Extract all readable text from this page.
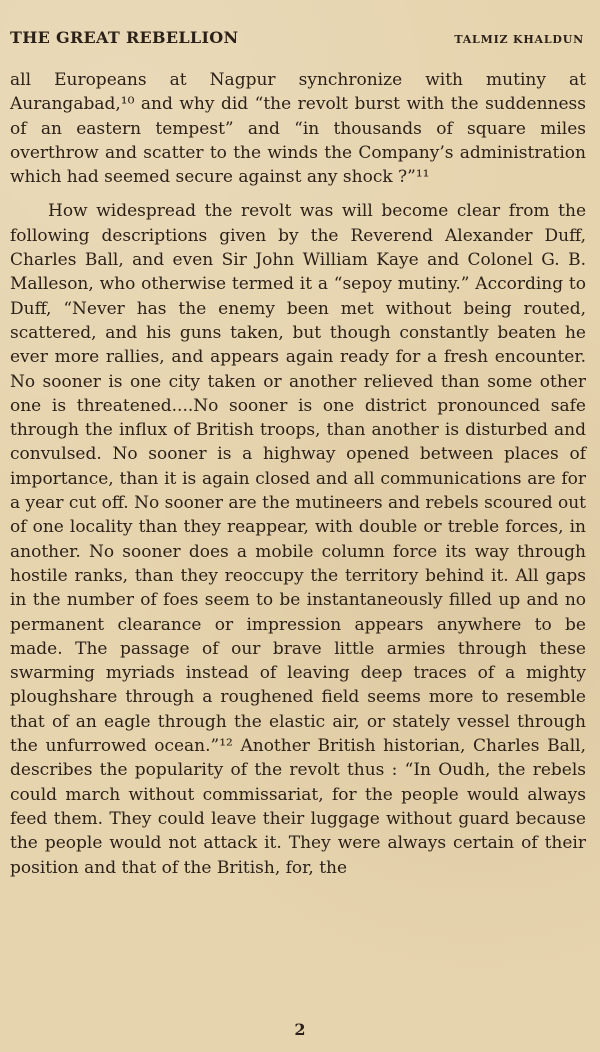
THE GREAT REBELLION	TALMIZ KHALDUN

all Europeans at Nagpur synchronize with mutiny at Aurangabad,¹⁰ and why did “the revolt burst with the suddenness of an eastern tempest” and “in thousands of square miles overthrow and scatter to the winds the Company’s administration which had seemed secure against any shock ?”¹¹

How widespread the revolt was will become clear from the following descriptions given by the Reverend Alexander Duff, Charles Ball, and even Sir John William Kaye and Colonel G. B. Malleson, who otherwise termed it a “sepoy mutiny.” According to Duff, “Never has the enemy been met without being routed, scattered, and his guns taken, but though constantly beaten he ever more rallies, and appears again ready for a fresh encounter. No sooner is one city taken or another relieved than some other one is threatened....No sooner is one district pronounced safe through the influx of British troops, than another is disturbed and convulsed. No sooner is a highway opened between places of importance, than it is again closed and all communications are for a year cut off. No sooner are the mutineers and rebels scoured out of one locality than they reappear, with double or treble forces, in another. No sooner does a mobile column force its way through hostile ranks, than they reoccupy the territory behind it. All gaps in the number of foes seem to be instantaneously filled up and no permanent clearance or impression appears anywhere to be made. The passage of our brave little armies through these swarming myriads instead of leaving deep traces of a mighty ploughshare through a roughened field seems more to resemble that of an eagle through the elastic air, or stately vessel through the unfurrowed ocean.”¹² Another British historian, Charles Ball, describes the popularity of the revolt thus : “In Oudh, the rebels could march without commissariat, for the people would always feed them. They could leave their luggage without guard because the people would not attack it. They were always certain of their position and that of the British, for, the

2
